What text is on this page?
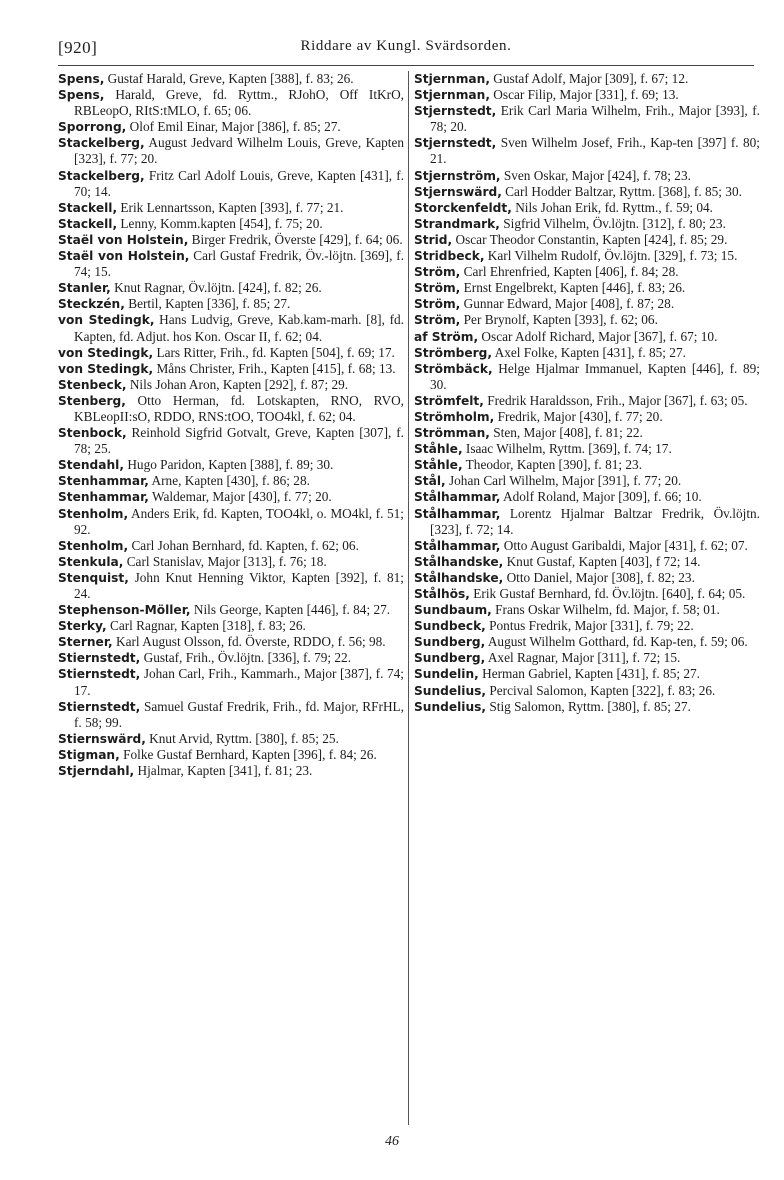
[920]	Riddare av Kungl. Svärdsorden.

Spens, Gustaf Harald, Greve, Kapten [388], f. 83; 26.

Spens, Harald, Greve, fd. Ryttm., RJohO, Off ItKrO, RBLeopO, RItS:tMLO, f. 65; 06.

Sporrong, Olof Emil Einar, Major [386], f. 85; 27.

Stackelberg, August Jedvard Wilhelm Louis, Greve, Kapten [323], f. 77; 20.

Stackelberg, Fritz Carl Adolf Louis, Greve, Kapten [431], f. 70; 14.

Stackell, Erik Lennartsson, Kapten [393], f. 77; 21.

Stackell, Lenny, Komm.kapten [454], f. 75; 20.

Staël von Holstein, Birger Fredrik, Överste [429], f. 64; 06.

Staël von Holstein, Carl Gustaf Fredrik, Öv.-löjtn. [369], f. 74; 15.

Stanler, Knut Ragnar, Öv.löjtn. [424], f. 82; 26.

Steckzén, Bertil, Kapten [336], f. 85; 27.

von Stedingk, Hans Ludvig, Greve, Kab.kam-marh. [8], fd. Kapten, fd. Adjut. hos Kon. Oscar II, f. 62; 04.

von Stedingk, Lars Ritter, Frih., fd. Kapten [504], f. 69; 17.

von Stedingk, Måns Christer, Frih., Kapten [415], f. 68; 13.

Stenbeck, Nils Johan Aron, Kapten [292], f. 87; 29.

Stenberg, Otto Herman, fd. Lotskapten, RNO, RVO, KBLeopII:sO, RDDO, RNS:tOO, TOO4kl, f. 62; 04.

Stenbock, Reinhold Sigfrid Gotvalt, Greve, Kapten [307], f. 78; 25.

Stendahl, Hugo Paridon, Kapten [388], f. 89; 30.

Stenhammar, Arne, Kapten [430], f. 86; 28.

Stenhammar, Waldemar, Major [430], f. 77; 20.

Stenholm, Anders Erik, fd. Kapten, TOO4kl, o. MO4kl, f. 51; 92.

Stenholm, Carl Johan Bernhard, fd. Kapten, f. 62; 06.

Stenkula, Carl Stanislav, Major [313], f. 76; 18.

Stenquist, John Knut Henning Viktor, Kapten [392], f. 81; 24.

Stephenson-Möller, Nils George, Kapten [446], f. 84; 27.

Sterky, Carl Ragnar, Kapten [318], f. 83; 26.

Sterner, Karl August Olsson, fd. Överste, RDDO, f. 56; 98.

Stiernstedt, Gustaf, Frih., Öv.löjtn. [336], f. 79; 22.

Stiernstedt, Johan Carl, Frih., Kammarh., Major [387], f. 74; 17.

Stiernstedt, Samuel Gustaf Fredrik, Frih., fd. Major, RFrHL, f. 58; 99.

Stiernswärd, Knut Arvid, Ryttm. [380], f. 85; 25.

Stigman, Folke Gustaf Bernhard, Kapten [396], f. 84; 26.

Stjerndahl, Hjalmar, Kapten [341], f. 81; 23.

Stjernman, Gustaf Adolf, Major [309], f. 67; 12.

Stjernman, Oscar Filip, Major [331], f. 69; 13.

Stjernstedt, Erik Carl Maria Wilhelm, Frih., Major [393], f. 78; 20.

Stjernstedt, Sven Wilhelm Josef, Frih., Kap-ten [397] f. 80; 21.

Stjernström, Sven Oskar, Major [424], f. 78; 23.

Stjernswärd, Carl Hodder Baltzar, Ryttm. [368], f. 85; 30.

Storckenfeldt, Nils Johan Erik, fd. Ryttm., f. 59; 04.

Strandmark, Sigfrid Vilhelm, Öv.löjtn. [312], f. 80; 23.

Strid, Oscar Theodor Constantin, Kapten [424], f. 85; 29.

Stridbeck, Karl Vilhelm Rudolf, Öv.löjtn. [329], f. 73; 15.

Ström, Carl Ehrenfried, Kapten [406], f. 84; 28.

Ström, Ernst Engelbrekt, Kapten [446], f. 83; 26.

Ström, Gunnar Edward, Major [408], f. 87; 28.

Ström, Per Brynolf, Kapten [393], f. 62; 06.

af Ström, Oscar Adolf Richard, Major [367], f. 67; 10.

Strömberg, Axel Folke, Kapten [431], f. 85; 27.

Strömbäck, Helge Hjalmar Immanuel, Kapten [446], f. 89; 30.

Strömfelt, Fredrik Haraldsson, Frih., Major [367], f. 63; 05.

Strömholm, Fredrik, Major [430], f. 77; 20.

Strömman, Sten, Major [408], f. 81; 22.

Ståhle, Isaac Wilhelm, Ryttm. [369], f. 74; 17.

Ståhle, Theodor, Kapten [390], f. 81; 23.

Stål, Johan Carl Wilhelm, Major [391], f. 77; 20.

Stålhammar, Adolf Roland, Major [309], f. 66; 10.

Stålhammar, Lorentz Hjalmar Baltzar Fredrik, Öv.löjtn. [323], f. 72; 14.

Stålhammar, Otto August Garibaldi, Major [431], f. 62; 07.

Stålhandske, Knut Gustaf, Kapten [403], f 72; 14.

Stålhandske, Otto Daniel, Major [308], f. 82; 23.

Stålhös, Erik Gustaf Bernhard, fd. Öv.löjtn. [640], f. 64; 05.

Sundbaum, Frans Oskar Wilhelm, fd. Major, f. 58; 01.

Sundbeck, Pontus Fredrik, Major [331], f. 79; 22.

Sundberg, August Wilhelm Gotthard, fd. Kap-ten, f. 59; 06.

Sundberg, Axel Ragnar, Major [311], f. 72; 15.

Sundelin, Herman Gabriel, Kapten [431], f. 85; 27.

Sundelius, Percival Salomon, Kapten [322], f. 83; 26.

Sundelius, Stig Salomon, Ryttm. [380], f. 85; 27.

46
